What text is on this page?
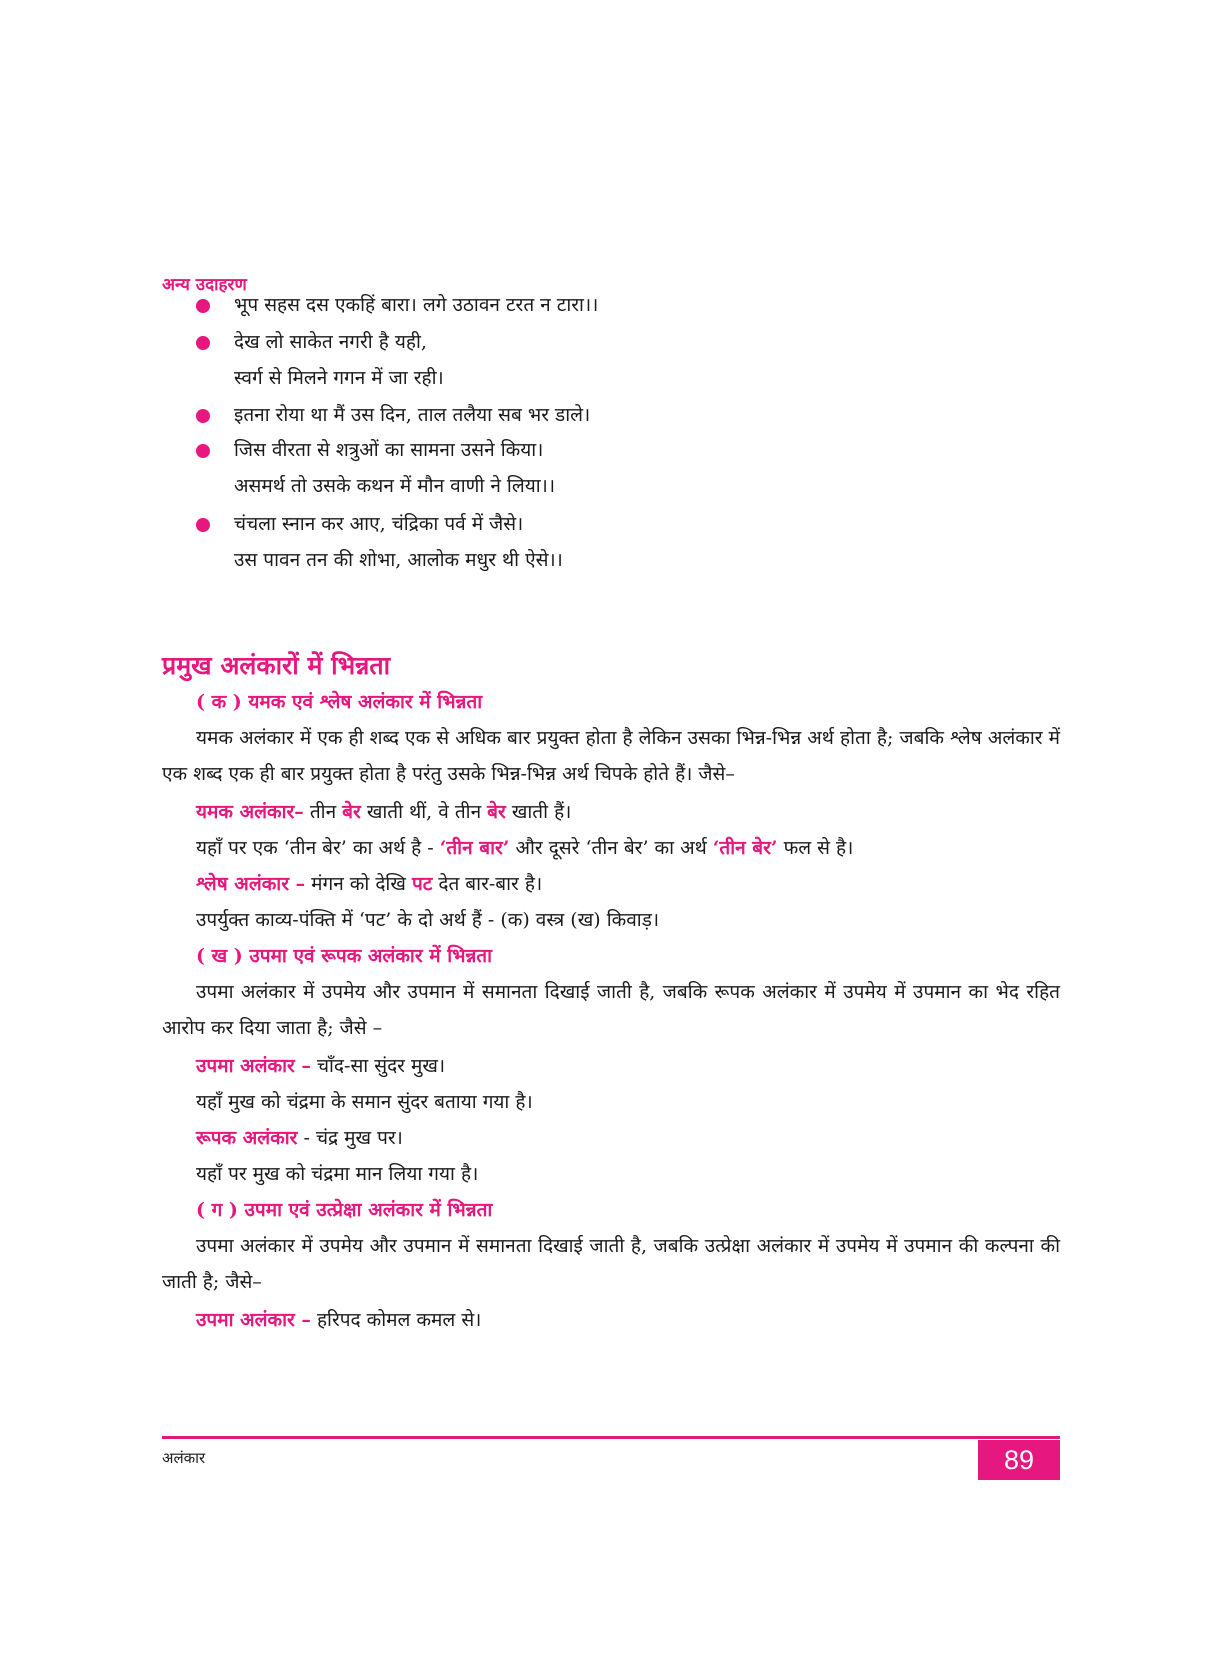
अन्य उदाहरण
भूप सहस दस एकहिं बारा। लगे उठावन टरत न टारा।।
देख लो साकेत नगरी है यही,
स्वर्ग से मिलने गगन में जा रही।
इतना रोया था मैं उस दिन, ताल तलैया सब भर डाले।
जिस वीरता से शत्रुओं का सामना उसने किया।
असमर्थ तो उसके कथन में मौन वाणी ने लिया।।
चंचला स्नान कर आए, चंद्रिका पर्व में जैसे।
उस पावन तन की शोभा, आलोक मधुर थी ऐसे।।
प्रमुख अलंकारों में भिन्नता
( क ) यमक एवं श्लेष अलंकार में भिन्नता
यमक अलंकार में एक ही शब्द एक से अधिक बार प्रयुक्त होता है लेकिन उसका भिन्न-भिन्न अर्थ होता है; जबकि श्लेष अलंकार में एक शब्द एक ही बार प्रयुक्त होता है परंतु उसके भिन्न-भिन्न अर्थ चिपके होते हैं। जैसे–
यमक अलंकार– तीन बेर खाती थीं, वे तीन बेर खाती हैं।
यहाँ पर एक ‘तीन बेर’ का अर्थ है - ‘तीन बार’ और दूसरे ‘तीन बेर’ का अर्थ ‘तीन बेर’ फल से है।
श्लेष अलंकार – मंगन को देखि पट देत बार-बार है।
उपर्युक्त काव्य-पंक्ति में ‘पट’ के दो अर्थ हैं - (क) वस्त्र (ख) किवाड़।
( ख ) उपमा एवं रूपक अलंकार में भिन्नता
उपमा अलंकार में उपमेय और उपमान में समानता दिखाई जाती है, जबकि रूपक अलंकार में उपमेय में उपमान का भेद रहित आरोप कर दिया जाता है; जैसे –
उपमा अलंकार – चाँद-सा सुंदर मुख।
यहाँ मुख को चंद्रमा के समान सुंदर बताया गया है।
रूपक अलंकार - चंद्र मुख पर।
यहाँ पर मुख को चंद्रमा मान लिया गया है।
( ग ) उपमा एवं उत्प्रेक्षा अलंकार में भिन्नता
उपमा अलंकार में उपमेय और उपमान में समानता दिखाई जाती है, जबकि उत्प्रेक्षा अलंकार में उपमेय में उपमान की कल्पना की जाती है; जैसे–
उपमा अलंकार – हरिपद कोमल कमल से।
अलंकार	89
